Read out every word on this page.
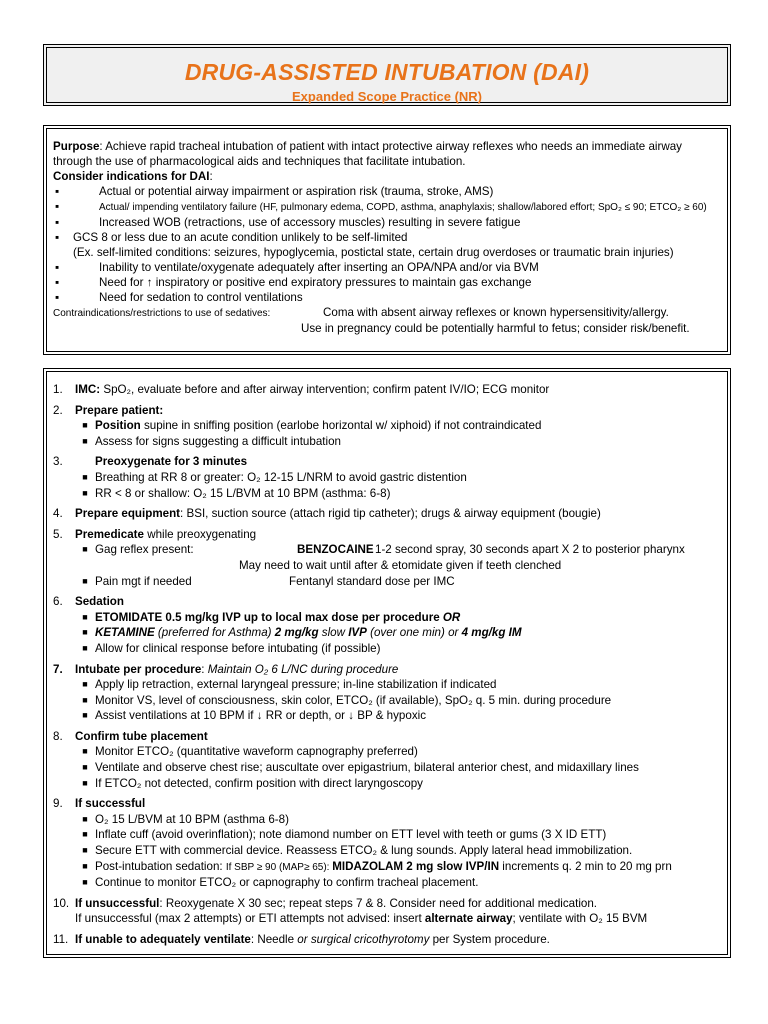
DRUG-ASSISTED INTUBATION (DAI)
Expanded Scope Practice (NR)
Purpose: Achieve rapid tracheal intubation of patient with intact protective airway reflexes who needs an immediate airway
through the use of pharmacological aids and techniques that facilitate intubation.
Consider indications for DAI:
▪	Actual or potential airway impairment or aspiration risk (trauma, stroke, AMS)
▪	Actual/ impending ventilatory failure (HF, pulmonary edema, COPD, asthma, anaphylaxis; shallow/labored effort; SpO₂ ≤ 90; ETCO₂ ≥ 60)
▪	Increased WOB (retractions, use of accessory muscles) resulting in severe fatigue
▪ GCS 8 or less due to an acute condition unlikely to be self-limited
(Ex. self-limited conditions: seizures, hypoglycemia, postictal state, certain drug overdoses or traumatic brain injuries)
▪	Inability to ventilate/oxygenate adequately after inserting an OPA/NPA and/or via BVM
▪	Need for ↑ inspiratory or positive end expiratory pressures to maintain gas exchange
▪	Need for sedation to control ventilations
Contraindications/restrictions to use of sedatives:	Coma with absent airway reflexes or known hypersensitivity/allergy.
Use in pregnancy could be potentially harmful to fetus; consider risk/benefit.
1. IMC: SpO₂, evaluate before and after airway intervention; confirm patent IV/IO; ECG monitor
2. Prepare patient:
■ Position supine in sniffing position (earlobe horizontal w/ xiphoid) if not contraindicated
■ Assess for signs suggesting a difficult intubation
3.	Preoxygenate for 3 minutes
■ Breathing at RR 8 or greater: O₂ 12-15 L/NRM to avoid gastric distention
■ RR < 8 or shallow: O₂ 15 L/BVM at 10 BPM (asthma: 6-8)
4. Prepare equipment: BSI, suction source (attach rigid tip catheter); drugs & airway equipment (bougie)
5. Premedicate while preoxygenating
■ Gag reflex present:	BENZOCAINE 1-2 second spray, 30 seconds apart X 2 to posterior pharynx
May need to wait until after & etomidate given if teeth clenched
■ Pain mgt if needed	Fentanyl standard dose per IMC
6. Sedation
■ ETOMIDATE 0.5 mg/kg IVP up to local max dose per procedure OR
■ KETAMINE (preferred for Asthma) 2 mg/kg slow IVP (over one min) or 4 mg/kg IM
■ Allow for clinical response before intubating (if possible)
7. Intubate per procedure: Maintain O₂ 6 L/NC during procedure
■ Apply lip retraction, external laryngeal pressure; in-line stabilization if indicated
■ Monitor VS, level of consciousness, skin color, ETCO₂ (if available), SpO₂ q. 5 min. during procedure
■ Assist ventilations at 10 BPM if ↓ RR or depth, or ↓ BP & hypoxic
8. Confirm tube placement
■ Monitor ETCO₂ (quantitative waveform capnography preferred)
■ Ventilate and observe chest rise; auscultate over epigastrium, bilateral anterior chest, and midaxillary lines
■ If ETCO₂ not detected, confirm position with direct laryngoscopy
9. If successful
■ O₂ 15 L/BVM at 10 BPM (asthma 6-8)
■ Inflate cuff (avoid overinflation); note diamond number on ETT level with teeth or gums (3 X ID ETT)
■ Secure ETT with commercial device. Reassess ETCO₂ & lung sounds. Apply lateral head immobilization.
■ Post-intubation sedation: If SBP ≥ 90 (MAP≥ 65): MIDAZOLAM 2 mg slow IVP/IN increments q. 2 min to 20 mg prn
■ Continue to monitor ETCO₂ or capnography to confirm tracheal placement.
10. If unsuccessful: Reoxygenate X 30 sec; repeat steps 7 & 8. Consider need for additional medication.
If unsuccessful (max 2 attempts) or ETI attempts not advised: insert alternate airway; ventilate with O₂ 15 BVM
11. If unable to adequately ventilate: Needle or surgical cricothyrotomy per System procedure.
